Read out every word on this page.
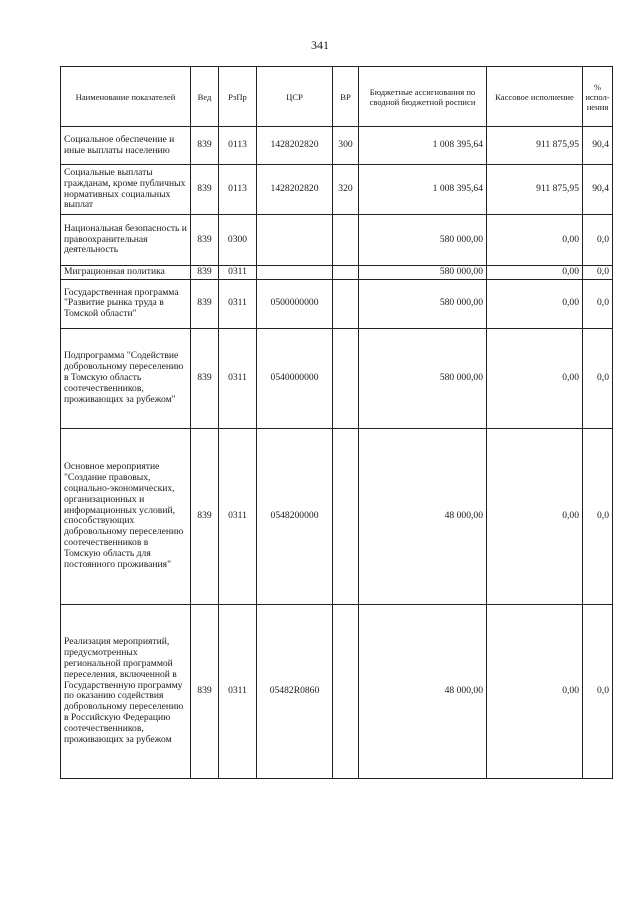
341
Наименование показателей	Вед	РзПр	ЦСР	ВР	Бюджетные ассигнования по сводной бюджетной росписи	Кассовое исполнение	% испол-нения
Социальное обеспечение и иные выплаты населению	839	0113	1428202820	300	1 008 395,64	911 875,95	90,4
Социальные выплаты гражданам, кроме публичных нормативных социальных выплат	839	0113	1428202820	320	1 008 395,64	911 875,95	90,4
Национальная безопасность и правоохранительная деятельность	839	0300			580 000,00	0,00	0,0
Миграционная политика	839	0311			580 000,00	0,00	0,0
Государственная программа "Развитие рынка труда в Томской области"	839	0311	0500000000		580 000,00	0,00	0,0
Подпрограмма "Содействие добровольному переселению в Томскую область соотечественников, проживающих за рубежом"	839	0311	0540000000		580 000,00	0,00	0,0
Основное мероприятие "Создание правовых, социально-экономических, организационных и информационных условий, способствующих добровольному переселению соотечественников в Томскую область для постоянного проживания"	839	0311	0548200000		48 000,00	0,00	0,0
Реализация мероприятий, предусмотренных региональной программой переселения, включенной в Государственную программу по оказанию содействия добровольному переселению в Российскую Федерацию соотечественников, проживающих за рубежом	839	0311	05482R0860		48 000,00	0,00	0,0
